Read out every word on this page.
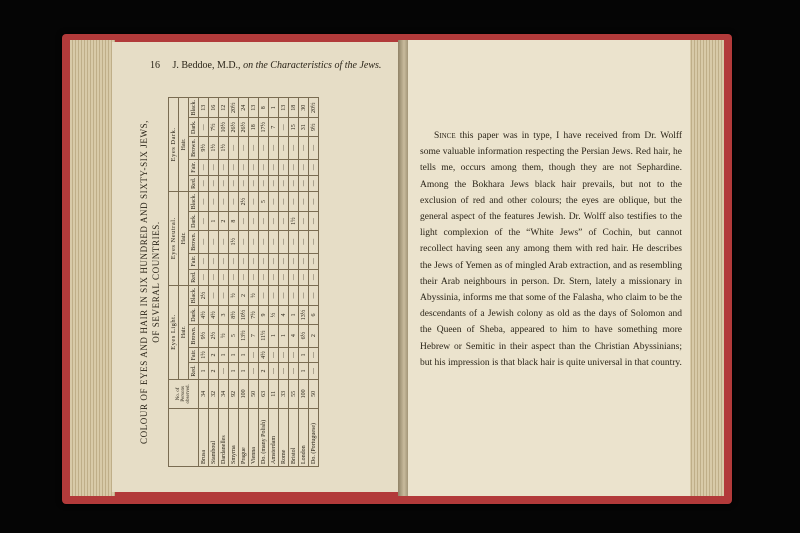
16 J. Beddoe, M.D., on the Characteristics of the Jews.
COLOUR OF EYES AND HAIR IN SIX HUNDRED AND SIXTY-SIX JEWS, OF SEVERAL COUNTRIES.
	No. of Persons observed.	Eyes Light.					Eyes Neutral.					Eyes Dark.				
		Hair.					Hair.					Hair.				
		Red.	Fair.	Brown.	Dark.	Black.	Red.	Fair.	Brown.	Dark.	Black.	Red.	Fair.	Brown.	Dark.	Black.
Brusa	34	1	1½	9½	4½	2½	—	—	—	—	—	—	—	9½	—	13
Stamboul	32	2	2	2½	4½	—	—	—	—	1	—	—	—	1½	7½	16
Dardanelles	34	—	1	½	3	—	—	—	—	2	—	—	—	1½	10½	12
Smyrna	92	1	1	5	8½	½	—	—	1½	8	—	—	—	—	26½	20½
Prague	100	1	1	13½	10½	2	—	—	—	—	2½	—	—	—	26½	24
Vienna	50	—	—	7	7½	½	—	—	—	—	—	—	—	—	18	13
Do. (many Polish)	63	2	4½	11½	9	—	—	—	—	—	5	—	—	—	17½	8
Amsterdam	11	—	—	1	½	—	—	—	—	—	—	—	—	—	7	1
Rome	33	—	—	1	4	—	—	—	—	—	—	—	—	—	—	13
Bristol	55	—	—	4	1	—	—	—	—	1½	—	—	—	—	15	18
London	100	1	1	6½	13½	—	—	—	—	—	—	—	—	—	31	30
Do. (Portuguese)	50	—	—	2	6	—	—	—	—	—	—	—	—	—	9½	20½

Since this paper was in type, I have received from Dr. Wolff some valuable information respecting the Persian Jews. Red hair, he tells me, occurs among them, though they are not Sephardine. Among the Bokhara Jews black hair prevails, but not to the exclusion of red and other colours; the eyes are oblique, but the general aspect of the features Jewish. Dr. Wolff also testifies to the light complexion of the “White Jews” of Cochin, but cannot recollect having seen any among them with red hair. He describes the Jews of Yemen as of mingled Arab extraction, and as resembling their Arab neighbours in person. Dr. Stern, lately a missionary in Abyssinia, informs me that some of the Falasha, who claim to be the descendants of a Jewish colony as old as the days of Solomon and the Queen of Sheba, appeared to him to have something more Hebrew or Semitic in their aspect than the Christian Abyssinians; but his impression is that black hair is quite universal in that country.
